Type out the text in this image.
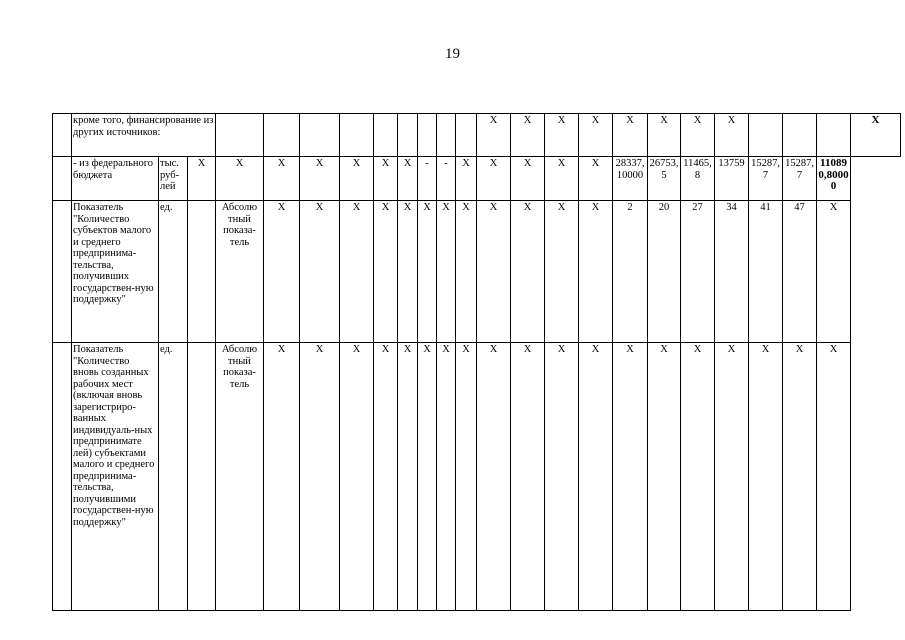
19
	кроме того, финансирование из других источников:												X	X	X	X	X	X	X	X				X
	- из федерального бюджета	тыс. руб-лей	X	X	X	X	X	X	X	-	-	X	X	X	X	X	28337,10000	26753,5	11465,8	13759	15287,7	15287,7	110890,80000	
	Показатель "Количество субъектов малого и среднего предпринима-тельства, получивших государствен-ную поддержку"	ед.		Абсолю тный показа-тель	X	X	X	X	X	X	X	X	X	X	X	X	2	20	27	34	41	47	X	
	Показатель "Количество вновь созданных рабочих мест (включая вновь зарегистриро-ванных индивидуаль-ных предпринимате лей) субъектами малого и среднего предпринима-тельства, получившими государствен-ную поддержку"	ед.		Абсолю тный показа-тель	X	X	X	X	X	X	X	X	X	X	X	X	X	X	X	X	X	X	X	
